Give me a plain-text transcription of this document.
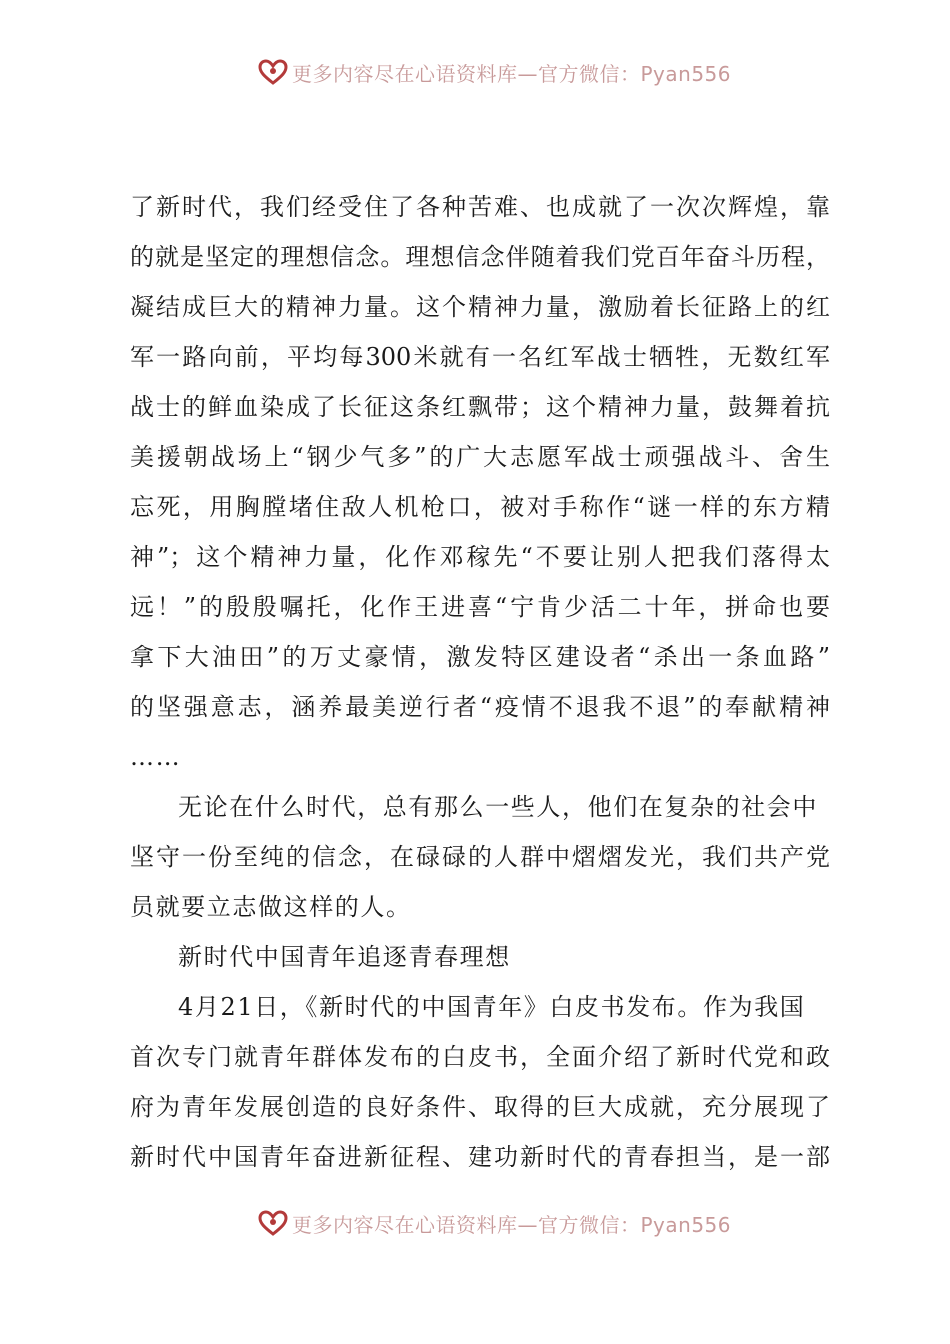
更多内容尽在心语资料库—官方微信：Pyan556
了新时代，我们经受住了各种苦难、也成就了一次次辉煌，靠
的就是坚定的理想信念。理想信念伴随着我们党百年奋斗历程，
凝结成巨大的精神力量。这个精神力量，激励着长征路上的红
军一路向前，平均每300米就有一名红军战士牺牲，无数红军
战士的鲜血染成了长征这条红飘带；这个精神力量，鼓舞着抗
美援朝战场上“钢少气多”的广大志愿军战士顽强战斗、舍生
忘死，用胸膛堵住敌人机枪口，被对手称作“谜一样的东方精
神”；这个精神力量，化作邓稼先“不要让别人把我们落得太
远！”的殷殷嘱托，化作王进喜“宁肯少活二十年，拼命也要
拿下大油田”的万丈豪情，激发特区建设者“杀出一条血路”
的坚强意志，涵养最美逆行者“疫情不退我不退”的奉献精神
……
无论在什么时代，总有那么一些人，他们在复杂的社会中
坚守一份至纯的信念，在碌碌的人群中熠熠发光，我们共产党
员就要立志做这样的人。
新时代中国青年追逐青春理想
4月21日，《新时代的中国青年》白皮书发布。作为我国
首次专门就青年群体发布的白皮书，全面介绍了新时代党和政
府为青年发展创造的良好条件、取得的巨大成就，充分展现了
新时代中国青年奋进新征程、建功新时代的青春担当，是一部
更多内容尽在心语资料库—官方微信：Pyan556
